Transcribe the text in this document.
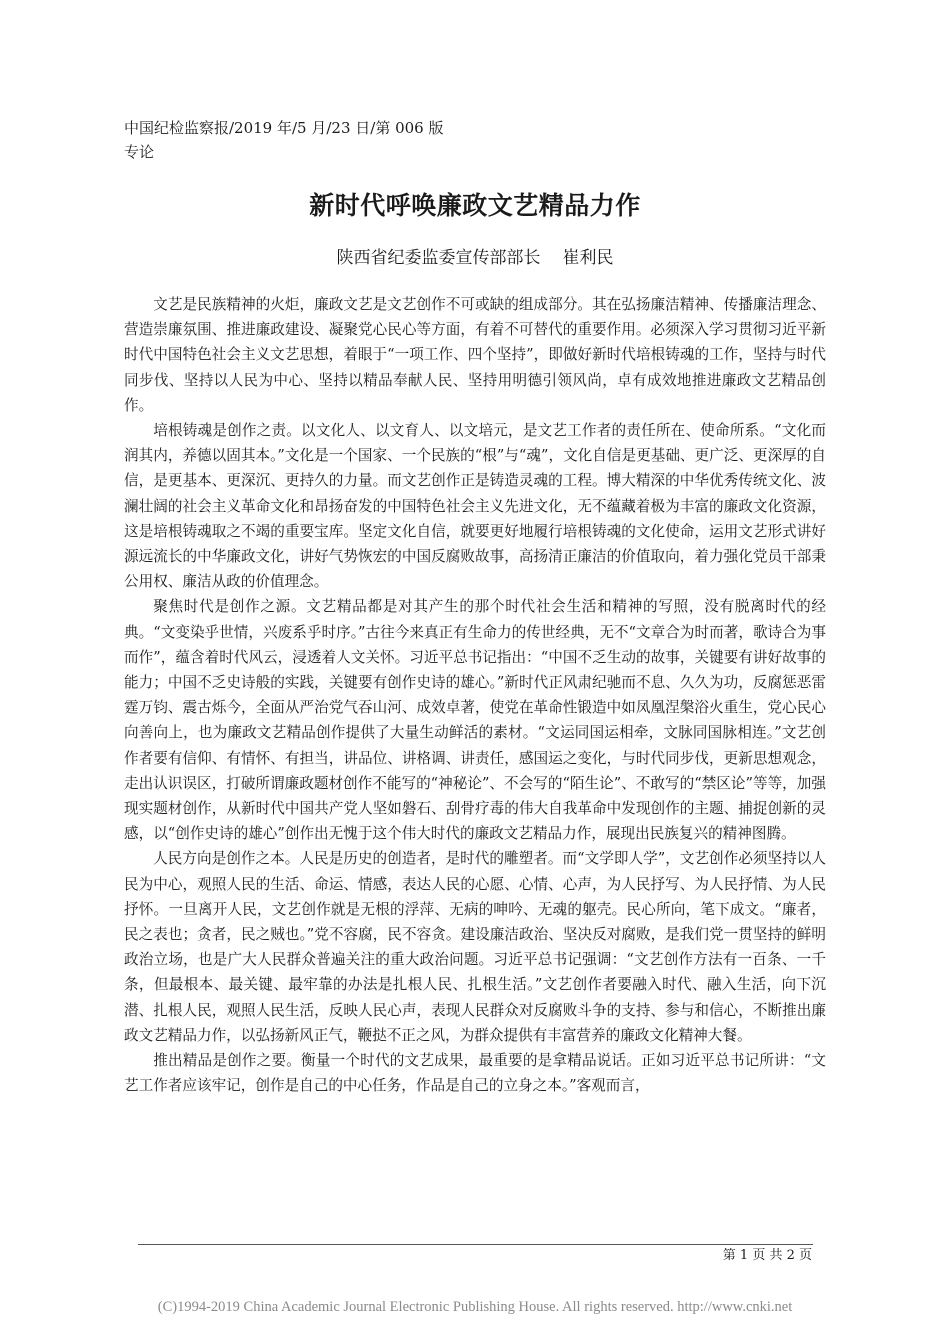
中国纪检监察报/2019 年/5 月/23 日/第 006 版
专论
新时代呼唤廉政文艺精品力作
陕西省纪委监委宣传部部长 崔利民

文艺是民族精神的火炬，廉政文艺是文艺创作不可或缺的组成部分。其在弘扬廉洁精神、传播廉洁理念、营造崇廉氛围、推进廉政建设、凝聚党心民心等方面，有着不可替代的重要作用。必须深入学习贯彻习近平新时代中国特色社会主义文艺思想，着眼于“一项工作、四个坚持”，即做好新时代培根铸魂的工作，坚持与时代同步伐、坚持以人民为中心、坚持以精品奉献人民、坚持用明德引领风尚，卓有成效地推进廉政文艺精品创作。

培根铸魂是创作之责。以文化人、以文育人、以文培元，是文艺工作者的责任所在、使命所系。“文化而润其内，养德以固其本。”文化是一个国家、一个民族的“根”与“魂”，文化自信是更基础、更广泛、更深厚的自信，是更基本、更深沉、更持久的力量。而文艺创作正是铸造灵魂的工程。博大精深的中华优秀传统文化、波澜壮阔的社会主义革命文化和昂扬奋发的中国特色社会主义先进文化，无不蕴藏着极为丰富的廉政文化资源，这是培根铸魂取之不竭的重要宝库。坚定文化自信，就要更好地履行培根铸魂的文化使命，运用文艺形式讲好源远流长的中华廉政文化，讲好气势恢宏的中国反腐败故事，高扬清正廉洁的价值取向，着力强化党员干部秉公用权、廉洁从政的价值理念。

聚焦时代是创作之源。文艺精品都是对其产生的那个时代社会生活和精神的写照，没有脱离时代的经典。“文变染乎世情，兴废系乎时序。”古往今来真正有生命力的传世经典，无不“文章合为时而著，歌诗合为事而作”，蕴含着时代风云，浸透着人文关怀。习近平总书记指出：“中国不乏生动的故事，关键要有讲好故事的能力；中国不乏史诗般的实践，关键要有创作史诗的雄心。”新时代正风肃纪驰而不息、久久为功，反腐惩恶雷霆万钧、震古烁今，全面从严治党气吞山河、成效卓著，使党在革命性锻造中如凤凰涅槃浴火重生，党心民心向善向上，也为廉政文艺精品创作提供了大量生动鲜活的素材。“文运同国运相牵，文脉同国脉相连。”文艺创作者要有信仰、有情怀、有担当，讲品位、讲格调、讲责任，感国运之变化，与时代同步伐，更新思想观念，走出认识误区，打破所谓廉政题材创作不能写的“神秘论”、不会写的“陌生论”、不敢写的“禁区论”等等，加强现实题材创作，从新时代中国共产党人坚如磐石、刮骨疗毒的伟大自我革命中发现创作的主题、捕捉创新的灵感，以“创作史诗的雄心”创作出无愧于这个伟大时代的廉政文艺精品力作，展现出民族复兴的精神图腾。

人民方向是创作之本。人民是历史的创造者，是时代的雕塑者。而“文学即人学”，文艺创作必须坚持以人民为中心，观照人民的生活、命运、情感，表达人民的心愿、心情、心声，为人民抒写、为人民抒情、为人民抒怀。一旦离开人民，文艺创作就是无根的浮萍、无病的呻吟、无魂的躯壳。民心所向，笔下成文。“廉者，民之表也；贪者，民之贼也。”党不容腐，民不容贪。建设廉洁政治、坚决反对腐败，是我们党一贯坚持的鲜明政治立场，也是广大人民群众普遍关注的重大政治问题。习近平总书记强调：“文艺创作方法有一百条、一千条，但最根本、最关键、最牢靠的办法是扎根人民、扎根生活。”文艺创作者要融入时代、融入生活，向下沉潜、扎根人民，观照人民生活，反映人民心声，表现人民群众对反腐败斗争的支持、参与和信心，不断推出廉政文艺精品力作，以弘扬新风正气，鞭挞不正之风，为群众提供有丰富营养的廉政文化精神大餐。

推出精品是创作之要。衡量一个时代的文艺成果，最重要的是拿精品说话。正如习近平总书记所讲：“文艺工作者应该牢记，创作是自己的中心任务，作品是自己的立身之本。”客观而言，

第 1 页 共 2 页
(C)1994-2019 China Academic Journal Electronic Publishing House. All rights reserved. http://www.cnki.net
